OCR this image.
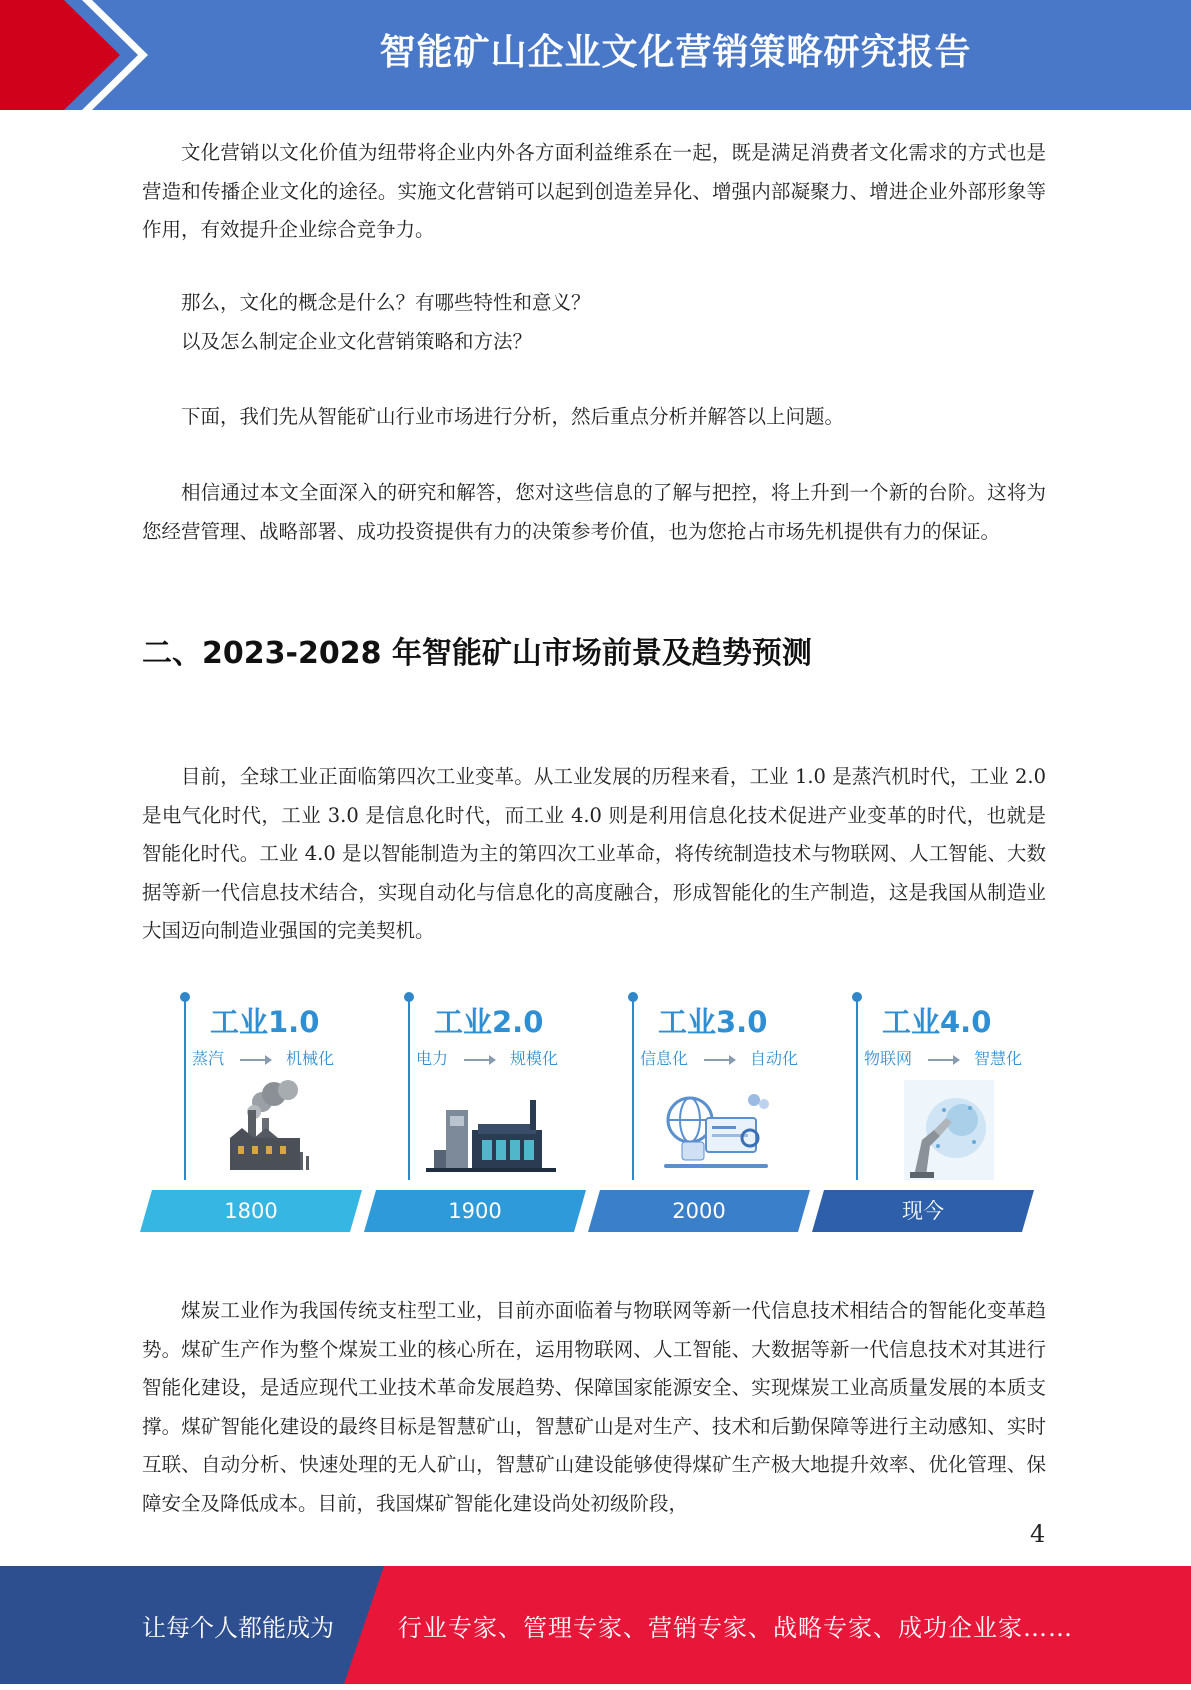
智能矿山企业文化营销策略研究报告

文化营销以文化价值为纽带将企业内外各方面利益维系在一起，既是满足消费者文化需求的方式也是营造和传播企业文化的途径。实施文化营销可以起到创造差异化、增强内部凝聚力、增进企业外部形象等作用，有效提升企业综合竞争力。

那么，文化的概念是什么？有哪些特性和意义？

以及怎么制定企业文化营销策略和方法？

下面，我们先从智能矿山行业市场进行分析，然后重点分析并解答以上问题。

相信通过本文全面深入的研究和解答，您对这些信息的了解与把控，将上升到一个新的台阶。这将为您经营管理、战略部署、成功投资提供有力的决策参考价值，也为您抢占市场先机提供有力的保证。

二、2023-2028 年智能矿山市场前景及趋势预测

目前，全球工业正面临第四次工业变革。从工业发展的历程来看，工业 1.0 是蒸汽机时代，工业 2.0 是电气化时代，工业 3.0 是信息化时代，而工业 4.0 则是利用信息化技术促进产业变革的时代，也就是智能化时代。工业 4.0 是以智能制造为主的第四次工业革命，将传统制造技术与物联网、人工智能、大数据等新一代信息技术结合，实现自动化与信息化的高度融合，形成智能化的生产制造，这是我国从制造业大国迈向制造业强国的完美契机。

工业1.0
蒸汽	机械化
1800
工业2.0
电力	规模化
1900
工业3.0
信息化	自动化
2000
工业4.0
物联网	智慧化
现今

煤炭工业作为我国传统支柱型工业，目前亦面临着与物联网等新一代信息技术相结合的智能化变革趋势。煤矿生产作为整个煤炭工业的核心所在，运用物联网、人工智能、大数据等新一代信息技术对其进行智能化建设，是适应现代工业技术革命发展趋势、保障国家能源安全、实现煤炭工业高质量发展的本质支撑。煤矿智能化建设的最终目标是智慧矿山，智慧矿山是对生产、技术和后勤保障等进行主动感知、实时互联、自动分析、快速处理的无人矿山，智慧矿山建设能够使得煤矿生产极大地提升效率、优化管理、保障安全及降低成本。目前，我国煤矿智能化建设尚处初级阶段，

4
让每个人都能成为	行业专家、管理专家、营销专家、战略专家、成功企业家……
